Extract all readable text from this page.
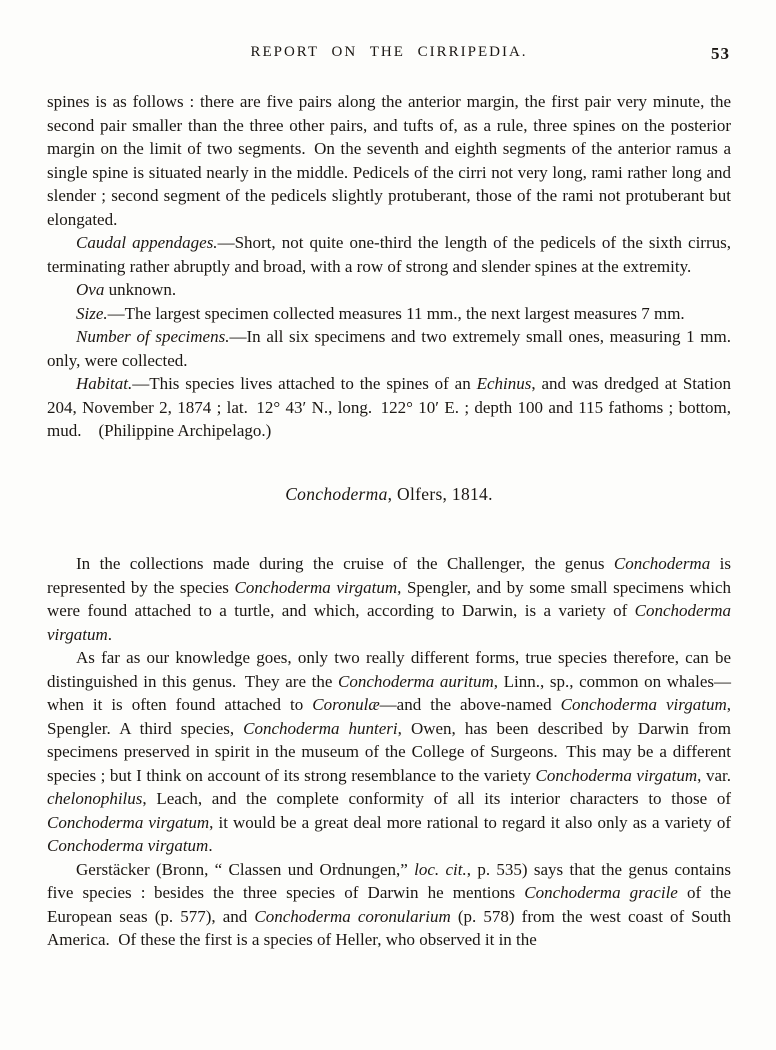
REPORT ON THE CIRRIPEDIA.	53

spines is as follows : there are five pairs along the anterior margin, the first pair very minute, the second pair smaller than the three other pairs, and tufts of, as a rule, three spines on the posterior margin on the limit of two segments. On the seventh and eighth segments of the anterior ramus a single spine is situated nearly in the middle. Pedicels of the cirri not very long, rami rather long and slender ; second segment of the pedicels slightly protuberant, those of the rami not protuberant but elongated.

Caudal appendages.—Short, not quite one-third the length of the pedicels of the sixth cirrus, terminating rather abruptly and broad, with a row of strong and slender spines at the extremity.

Ova unknown.

Size.—The largest specimen collected measures 11 mm., the next largest measures 7 mm.

Number of specimens.—In all six specimens and two extremely small ones, measuring 1 mm. only, were collected.

Habitat.—This species lives attached to the spines of an Echinus, and was dredged at Station 204, November 2, 1874 ; lat. 12° 43′ N., long. 122° 10′ E. ; depth 100 and 115 fathoms ; bottom, mud.  (Philippine Archipelago.)

Conchoderma, Olfers, 1814.

In the collections made during the cruise of the Challenger, the genus Conchoderma is represented by the species Conchoderma virgatum, Spengler, and by some small specimens which were found attached to a turtle, and which, according to Darwin, is a variety of Conchoderma virgatum.

As far as our knowledge goes, only two really different forms, true species therefore, can be distinguished in this genus. They are the Conchoderma auritum, Linn., sp., common on whales—when it is often found attached to Coronulæ—and the above-named Conchoderma virgatum, Spengler. A third species, Conchoderma hunteri, Owen, has been described by Darwin from specimens preserved in spirit in the museum of the College of Surgeons. This may be a different species ; but I think on account of its strong resemblance to the variety Conchoderma virgatum, var. chelonophilus, Leach, and the complete conformity of all its interior characters to those of Conchoderma virgatum, it would be a great deal more rational to regard it also only as a variety of Conchoderma virgatum.

Gerstäcker (Bronn, “ Classen und Ordnungen,” loc. cit., p. 535) says that the genus contains five species : besides the three species of Darwin he mentions Conchoderma gracile of the European seas (p. 577), and Conchoderma coronularium (p. 578) from the west coast of South America. Of these the first is a species of Heller, who observed it in the
